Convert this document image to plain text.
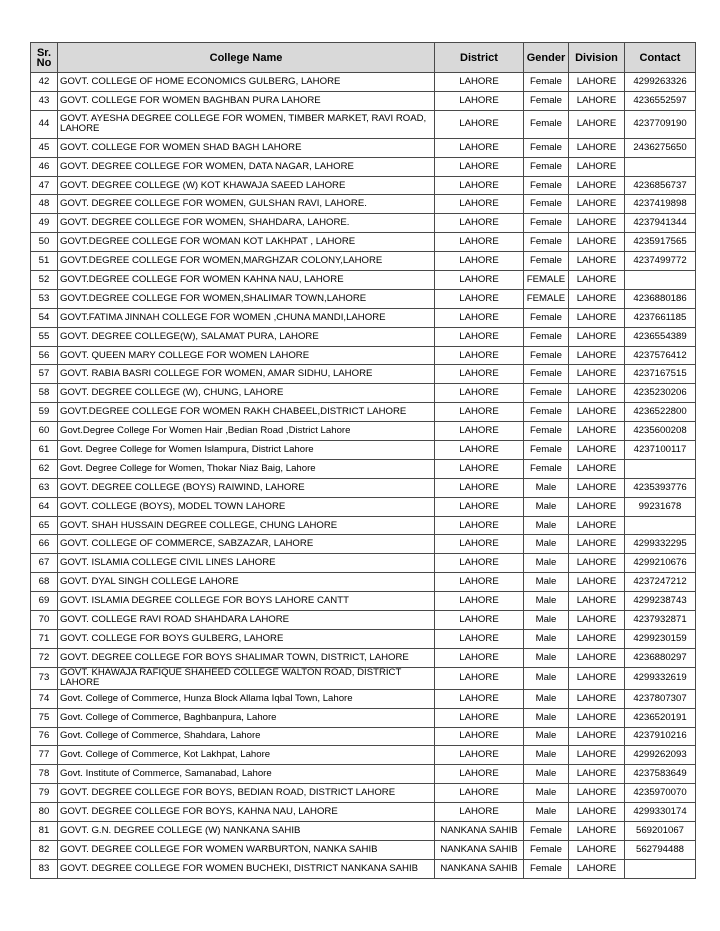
Sr. No	College Name	District	Gender	Division	Contact
42	GOVT. COLLEGE OF HOME ECONOMICS GULBERG, LAHORE	LAHORE	Female	LAHORE	4299263326
43	GOVT. COLLEGE FOR WOMEN BAGHBAN PURA LAHORE	LAHORE	Female	LAHORE	4236552597
44	GOVT. AYESHA DEGREE COLLEGE FOR WOMEN, TIMBER MARKET, RAVI ROAD, LAHORE	LAHORE	Female	LAHORE	4237709190
45	GOVT. COLLEGE FOR WOMEN SHAD BAGH LAHORE	LAHORE	Female	LAHORE	2436275650
46	GOVT. DEGREE COLLEGE FOR WOMEN, DATA NAGAR, LAHORE	LAHORE	Female	LAHORE	
47	GOVT. DEGREE COLLEGE (W) KOT KHAWAJA SAEED LAHORE	LAHORE	Female	LAHORE	4236856737
48	GOVT. DEGREE COLLEGE FOR WOMEN, GULSHAN RAVI, LAHORE.	LAHORE	Female	LAHORE	4237419898
49	GOVT. DEGREE COLLEGE FOR WOMEN, SHAHDARA, LAHORE.	LAHORE	Female	LAHORE	4237941344
50	GOVT.DEGREE COLLEGE FOR WOMAN KOT LAKHPAT , LAHORE	LAHORE	Female	LAHORE	4235917565
51	GOVT.DEGREE COLLEGE FOR WOMEN,MARGHZAR COLONY,LAHORE	LAHORE	Female	LAHORE	4237499772
52	GOVT.DEGREE COLLEGE FOR WOMEN KAHNA NAU, LAHORE	LAHORE	FEMALE	LAHORE	
53	GOVT.DEGREE COLLEGE FOR WOMEN,SHALIMAR TOWN,LAHORE	LAHORE	FEMALE	LAHORE	4236880186
54	GOVT.FATIMA JINNAH COLLEGE FOR WOMEN ,CHUNA MANDI,LAHORE	LAHORE	Female	LAHORE	4237661185
55	GOVT. DEGREE COLLEGE(W), SALAMAT PURA, LAHORE	LAHORE	Female	LAHORE	4236554389
56	GOVT. QUEEN MARY COLLEGE FOR WOMEN LAHORE	LAHORE	Female	LAHORE	4237576412
57	GOVT. RABIA BASRI COLLEGE FOR WOMEN, AMAR SIDHU, LAHORE	LAHORE	Female	LAHORE	4237167515
58	GOVT. DEGREE COLLEGE (W), CHUNG, LAHORE	LAHORE	Female	LAHORE	4235230206
59	GOVT.DEGREE COLLEGE FOR WOMEN RAKH CHABEEL,DISTRICT LAHORE	LAHORE	Female	LAHORE	4236522800
60	Govt.Degree College For Women Hair ,Bedian Road ,District Lahore	LAHORE	Female	LAHORE	4235600208
61	Govt. Degree College for Women Islampura, District Lahore	LAHORE	Female	LAHORE	4237100117
62	Govt. Degree College for Women, Thokar Niaz Baig, Lahore	LAHORE	Female	LAHORE	
63	GOVT. DEGREE COLLEGE (BOYS) RAIWIND, LAHORE	LAHORE	Male	LAHORE	4235393776
64	GOVT. COLLEGE (BOYS), MODEL TOWN LAHORE	LAHORE	Male	LAHORE	99231678
65	GOVT. SHAH HUSSAIN DEGREE COLLEGE, CHUNG LAHORE	LAHORE	Male	LAHORE	
66	GOVT. COLLEGE OF COMMERCE, SABZAZAR, LAHORE	LAHORE	Male	LAHORE	4299332295
67	GOVT. ISLAMIA COLLEGE CIVIL LINES LAHORE	LAHORE	Male	LAHORE	4299210676
68	GOVT. DYAL SINGH COLLEGE LAHORE	LAHORE	Male	LAHORE	4237247212
69	GOVT. ISLAMIA DEGREE COLLEGE FOR BOYS LAHORE CANTT	LAHORE	Male	LAHORE	4299238743
70	GOVT. COLLEGE RAVI ROAD SHAHDARA LAHORE	LAHORE	Male	LAHORE	4237932871
71	GOVT. COLLEGE FOR BOYS GULBERG, LAHORE	LAHORE	Male	LAHORE	4299230159
72	GOVT. DEGREE COLLEGE FOR BOYS SHALIMAR TOWN, DISTRICT, LAHORE	LAHORE	Male	LAHORE	4236880297
73	GOVT. KHAWAJA RAFIQUE SHAHEED COLLEGE WALTON ROAD, DISTRICT LAHORE	LAHORE	Male	LAHORE	4299332619
74	Govt. College of Commerce, Hunza Block Allama Iqbal Town, Lahore	LAHORE	Male	LAHORE	4237807307
75	Govt. College of Commerce, Baghbanpura, Lahore	LAHORE	Male	LAHORE	4236520191
76	Govt. College of Commerce, Shahdara, Lahore	LAHORE	Male	LAHORE	4237910216
77	Govt. College of Commerce, Kot Lakhpat, Lahore	LAHORE	Male	LAHORE	4299262093
78	Govt. Institute of Commerce, Samanabad, Lahore	LAHORE	Male	LAHORE	4237583649
79	GOVT. DEGREE COLLEGE FOR BOYS, BEDIAN ROAD, DISTRICT LAHORE	LAHORE	Male	LAHORE	4235970070
80	GOVT. DEGREE COLLEGE FOR BOYS, KAHNA NAU, LAHORE	LAHORE	Male	LAHORE	4299330174
81	GOVT. G.N. DEGREE COLLEGE (W) NANKANA SAHIB	NANKANA SAHIB	Female	LAHORE	569201067
82	GOVT. DEGREE COLLEGE FOR WOMEN WARBURTON, NANKA SAHIB	NANKANA SAHIB	Female	LAHORE	562794488
83	GOVT. DEGREE COLLEGE FOR WOMEN BUCHEKI, DISTRICT NANKANA SAHIB	NANKANA SAHIB	Female	LAHORE	
